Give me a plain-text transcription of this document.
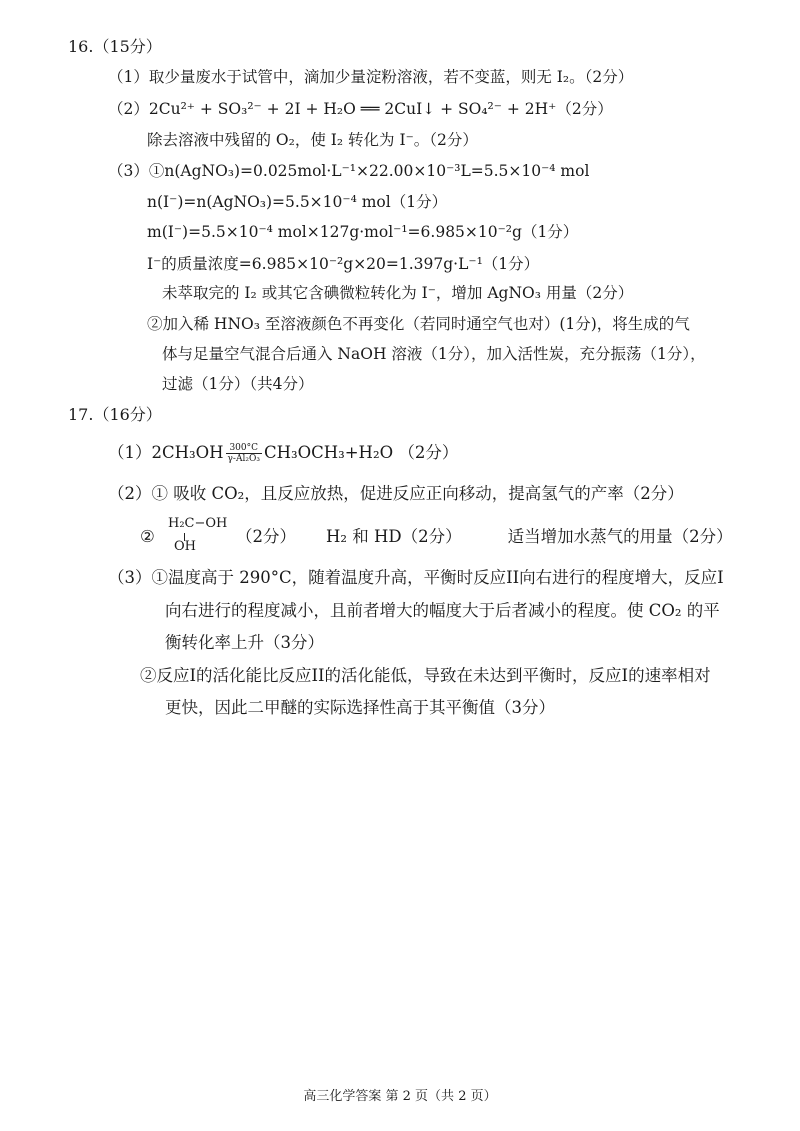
16.（15分）
（1）取少量废水于试管中，滴加少量淀粉溶液，若不变蓝，则无 I₂。（2分）
（2）2Cu²⁺ + SO₃²⁻ + 2I + H₂O ══ 2CuI↓ + SO₄²⁻ + 2H⁺（2分）
除去溶液中残留的 O₂，使 I₂ 转化为 I⁻。（2分）
（3）①n(AgNO₃)=0.025mol·L⁻¹×22.00×10⁻³L=5.5×10⁻⁴ mol
n(I⁻)=n(AgNO₃)=5.5×10⁻⁴ mol（1分）
m(I⁻)=5.5×10⁻⁴ mol×127g·mol⁻¹=6.985×10⁻²g（1分）
I⁻的质量浓度=6.985×10⁻²g×20=1.397g·L⁻¹（1分）
未萃取完的 I₂ 或其它含碘微粒转化为 I⁻，增加 AgNO₃ 用量（2分）
②加入稀 HNO₃ 至溶液颜色不再变化（若同时通空气也对）(1分)，将生成的气
体与足量空气混合后通入 NaOH 溶液（1分），加入活性炭，充分振荡（1分），
过滤（1分）（共4分）
17.（16分）
$(1)2CH_3OH \frac{300^\circ C}{\text{γ-Al₂O₃}} CH_3OCH_3+H_2O$ （2分）
（2）① 吸收 CO₂，且反应放热，促进反应正向移动，提高氢气的产率（2分）
②
H₂C−OH
OH
（2分） H₂ 和 HD（2分）	适当增加水蒸气的用量（2分）
（3）①温度高于 290°C，随着温度升高，平衡时反应II向右进行的程度增大，反应I
向右进行的程度减小，且前者增大的幅度大于后者减小的程度。使 CO₂ 的平
衡转化率上升（3分）
②反应I的活化能比反应II的活化能低，导致在未达到平衡时，反应I的速率相对
更快，因此二甲醚的实际选择性高于其平衡值（3分）
高三化学答案 第 2 页（共 2 页）
